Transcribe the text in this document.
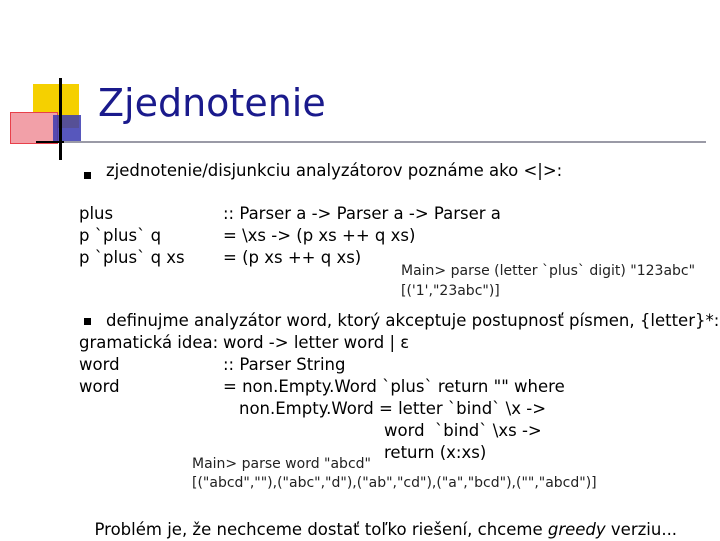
Zjednotenie
zjednotenie/disjunkciu analyzátorov poznáme ako <|>:
plus
p `plus` q
p `plus` q xs
:: Parser a -> Parser a -> Parser a
= \xs -> (p xs ++ q xs)
= (p xs ++ q xs)
Main> parse (letter `plus` digit) "123abc"
[('1',"23abc")]
definujme analyzátor word, ktorý akceptuje postupnosť písmen, {letter}*:
gramatická idea:
word
word
word -> letter word | ε
:: Parser String
= non.Empty.Word `plus` return "" where
non.Empty.Word = letter `bind` \x ->
word  `bind` \xs ->
return (x:xs)
Main> parse word "abcd"
[("abcd",""),("abc","d"),("ab","cd"),("a","bcd"),("","abcd")]

Problém je, že nechceme dostať toľko riešení, chceme greedy verziu...
